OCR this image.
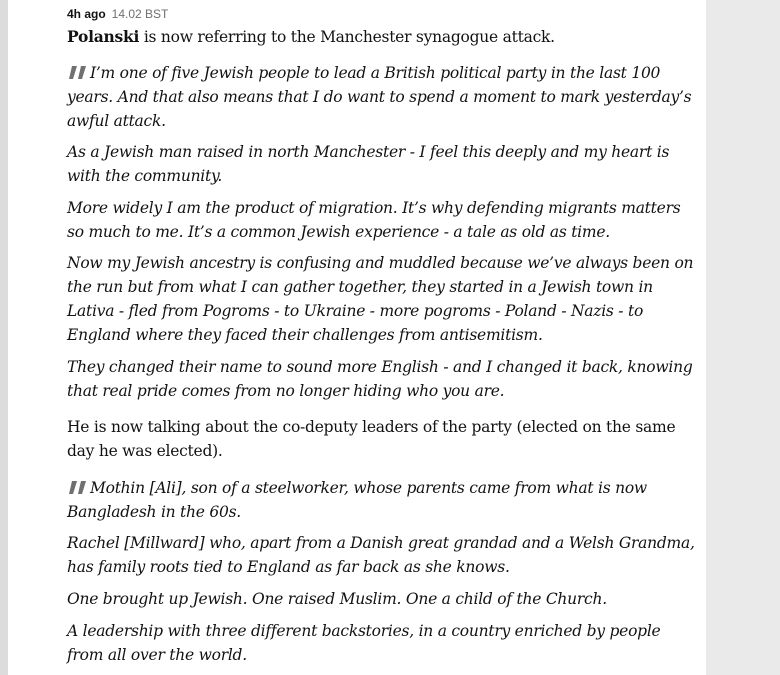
4h ago 14.02 BST
Polanski is now referring to the Manchester synagogue attack.
I’m one of five Jewish people to lead a British political party in the last 100 years. And that also means that I do want to spend a moment to mark yesterday’s awful attack.
As a Jewish man raised in north Manchester - I feel this deeply and my heart is with the community.
More widely I am the product of migration. It’s why defending migrants matters so much to me. It’s a common Jewish experience - a tale as old as time.
Now my Jewish ancestry is confusing and muddled because we’ve always been on the run but from what I can gather together, they started in a Jewish town in Lativa - fled from Pogroms - to Ukraine - more pogroms - Poland - Nazis - to England where they faced their challenges from antisemitism.
They changed their name to sound more English - and I changed it back, knowing that real pride comes from no longer hiding who you are.
He is now talking about the co-deputy leaders of the party (elected on the same day he was elected).
Mothin [Ali], son of a steelworker, whose parents came from what is now Bangladesh in the 60s.
Rachel [Millward] who, apart from a Danish great grandad and a Welsh Grandma, has family roots tied to England as far back as she knows.
One brought up Jewish. One raised Muslim. One a child of the Church.
A leadership with three different backstories, in a country enriched by people from all over the world.
